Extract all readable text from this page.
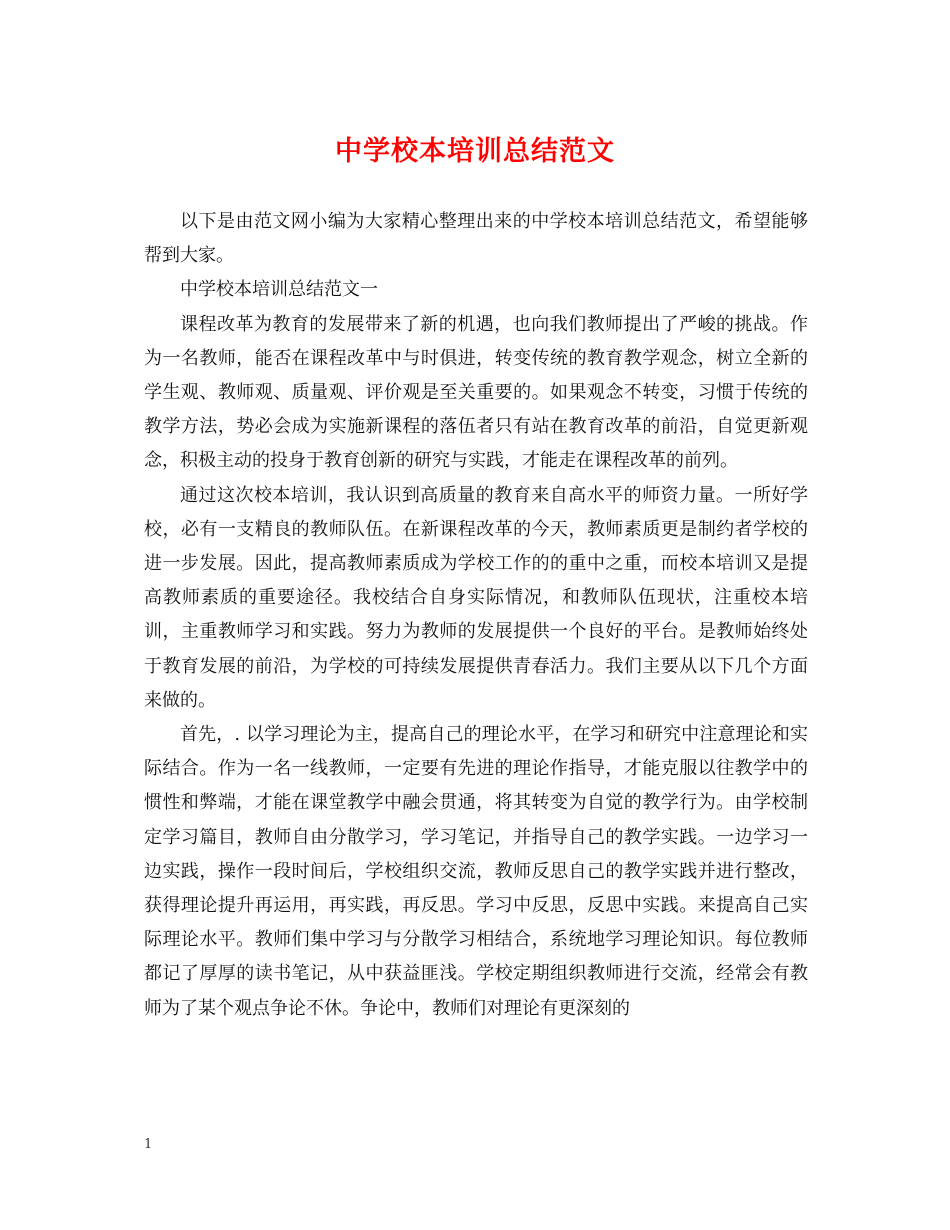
中学校本培训总结范文

以下是由范文网小编为大家精心整理出来的中学校本培训总结范文，希望能够帮到大家。

中学校本培训总结范文一

课程改革为教育的发展带来了新的机遇，也向我们教师提出了严峻的挑战。作为一名教师，能否在课程改革中与时俱进，转变传统的教育教学观念，树立全新的学生观、教师观、质量观、评价观是至关重要的。如果观念不转变，习惯于传统的教学方法，势必会成为实施新课程的落伍者只有站在教育改革的前沿，自觉更新观念，积极主动的投身于教育创新的研究与实践，才能走在课程改革的前列。

通过这次校本培训，我认识到高质量的教育来自高水平的师资力量。一所好学校，必有一支精良的教师队伍。在新课程改革的今天，教师素质更是制约者学校的进一步发展。因此，提高教师素质成为学校工作的的重中之重，而校本培训又是提高教师素质的重要途径。我校结合自身实际情况，和教师队伍现状，注重校本培训，主重教师学习和实践。努力为教师的发展提供一个良好的平台。是教师始终处于教育发展的前沿，为学校的可持续发展提供青春活力。我们主要从以下几个方面来做的。

首先，. 以学习理论为主，提高自己的理论水平，在学习和研究中注意理论和实际结合。作为一名一线教师，一定要有先进的理论作指导，才能克服以往教学中的惯性和弊端，才能在课堂教学中融会贯通，将其转变为自觉的教学行为。由学校制定学习篇目，教师自由分散学习，学习笔记，并指导自己的教学实践。一边学习一边实践，操作一段时间后，学校组织交流，教师反思自己的教学实践并进行整改，获得理论提升再运用，再实践，再反思。学习中反思，反思中实践。来提高自己实际理论水平。教师们集中学习与分散学习相结合，系统地学习理论知识。每位教师都记了厚厚的读书笔记，从中获益匪浅。学校定期组织教师进行交流，经常会有教师为了某个观点争论不休。争论中，教师们对理论有更深刻的

1
